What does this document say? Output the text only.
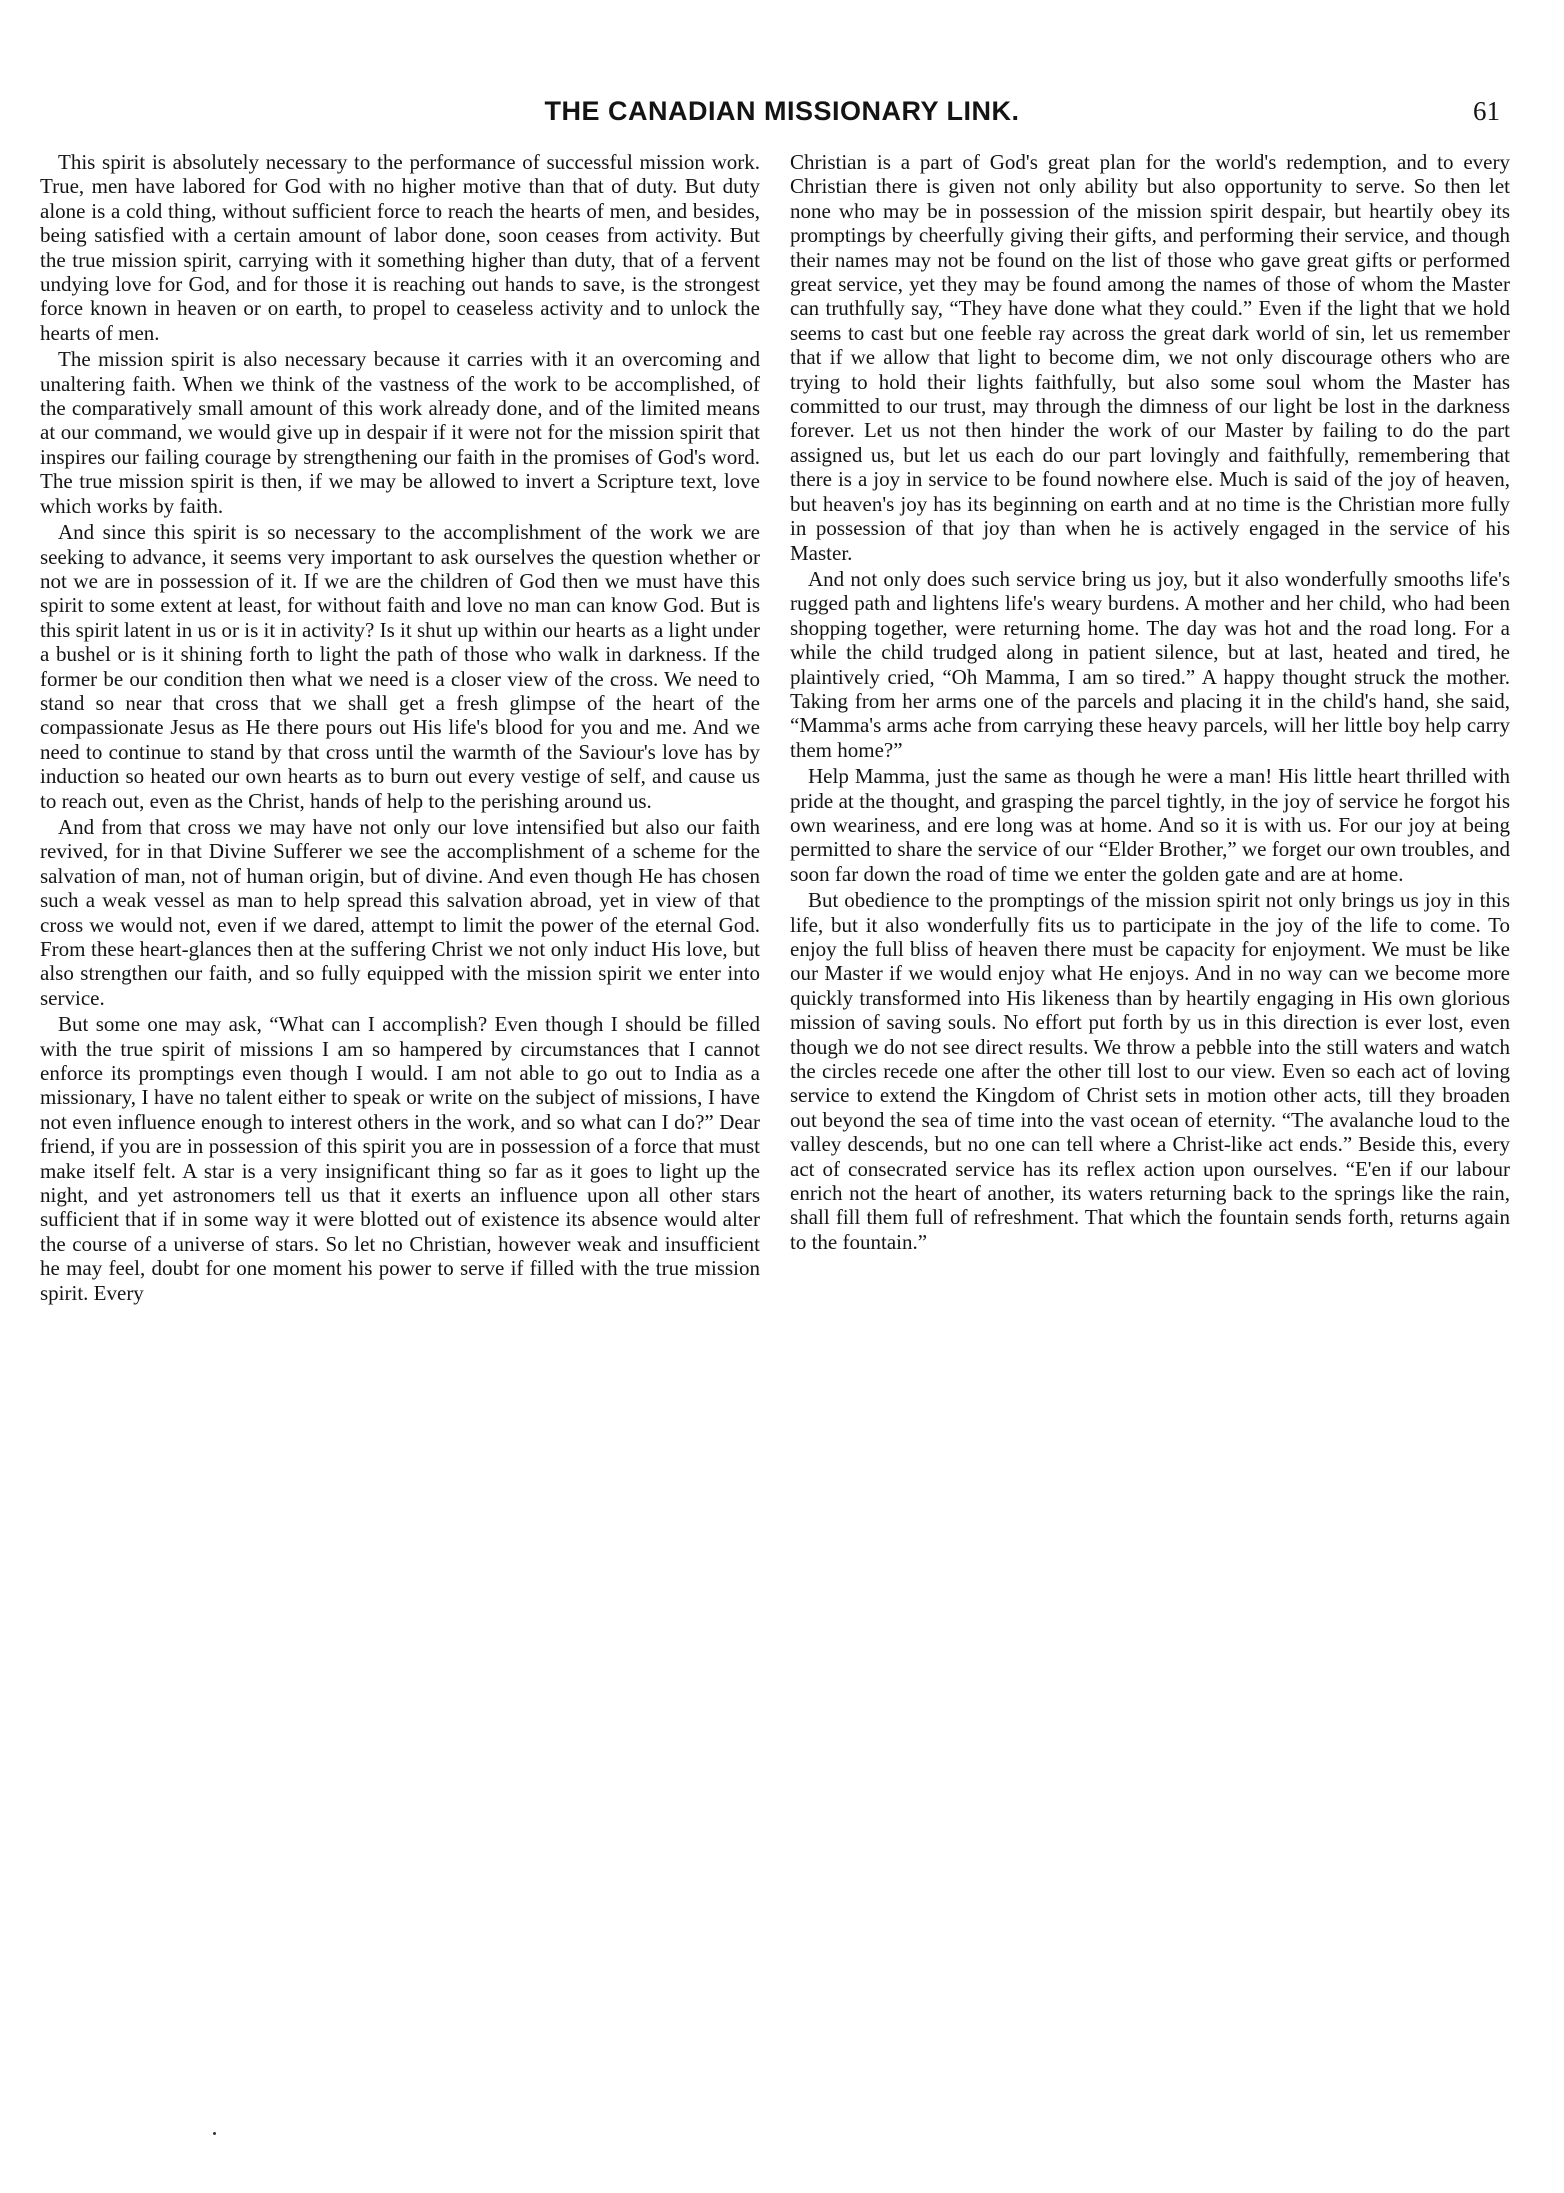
THE CANADIAN MISSIONARY LINK.	61

This spirit is absolutely necessary to the performance of successful mission work. True, men have labored for God with no higher motive than that of duty. But duty alone is a cold thing, without sufficient force to reach the hearts of men, and besides, being satisfied with a certain amount of labor done, soon ceases from activity. But the true mission spirit, carrying with it something higher than duty, that of a fervent undying love for God, and for those it is reaching out hands to save, is the strongest force known in heaven or on earth, to propel to ceaseless activity and to unlock the hearts of men.

The mission spirit is also necessary because it carries with it an overcoming and unaltering faith. When we think of the vastness of the work to be accomplished, of the comparatively small amount of this work already done, and of the limited means at our command, we would give up in despair if it were not for the mission spirit that inspires our failing courage by strengthening our faith in the promises of God's word. The true mission spirit is then, if we may be allowed to invert a Scripture text, love which works by faith.

And since this spirit is so necessary to the accomplishment of the work we are seeking to advance, it seems very important to ask ourselves the question whether or not we are in possession of it. If we are the children of God then we must have this spirit to some extent at least, for without faith and love no man can know God. But is this spirit latent in us or is it in activity? Is it shut up within our hearts as a light under a bushel or is it shining forth to light the path of those who walk in darkness. If the former be our condition then what we need is a closer view of the cross. We need to stand so near that cross that we shall get a fresh glimpse of the heart of the compassionate Jesus as He there pours out His life's blood for you and me. And we need to continue to stand by that cross until the warmth of the Saviour's love has by induction so heated our own hearts as to burn out every vestige of self, and cause us to reach out, even as the Christ, hands of help to the perishing around us.

And from that cross we may have not only our love intensified but also our faith revived, for in that Divine Sufferer we see the accomplishment of a scheme for the salvation of man, not of human origin, but of divine. And even though He has chosen such a weak vessel as man to help spread this salvation abroad, yet in view of that cross we would not, even if we dared, attempt to limit the power of the eternal God. From these heart-glances then at the suffering Christ we not only induct His love, but also strengthen our faith, and so fully equipped with the mission spirit we enter into service.

But some one may ask, “What can I accomplish? Even though I should be filled with the true spirit of missions I am so hampered by circumstances that I cannot enforce its promptings even though I would. I am not able to go out to India as a missionary, I have no talent either to speak or write on the subject of missions, I have not even influence enough to interest others in the work, and so what can I do?” Dear friend, if you are in possession of this spirit you are in possession of a force that must make itself felt. A star is a very insignificant thing so far as it goes to light up the night, and yet astronomers tell us that it exerts an influence upon all other stars sufficient that if in some way it were blotted out of existence its absence would alter the course of a universe of stars. So let no Christian, however weak and insufficient he may feel, doubt for one moment his power to serve if filled with the true mission spirit. Every

Christian is a part of God's great plan for the world's redemption, and to every Christian there is given not only ability but also opportunity to serve. So then let none who may be in possession of the mission spirit despair, but heartily obey its promptings by cheerfully giving their gifts, and performing their service, and though their names may not be found on the list of those who gave great gifts or performed great service, yet they may be found among the names of those of whom the Master can truthfully say, “They have done what they could.” Even if the light that we hold seems to cast but one feeble ray across the great dark world of sin, let us remember that if we allow that light to become dim, we not only discourage others who are trying to hold their lights faithfully, but also some soul whom the Master has committed to our trust, may through the dimness of our light be lost in the darkness forever. Let us not then hinder the work of our Master by failing to do the part assigned us, but let us each do our part lovingly and faithfully, remembering that there is a joy in service to be found nowhere else. Much is said of the joy of heaven, but heaven's joy has its beginning on earth and at no time is the Christian more fully in possession of that joy than when he is actively engaged in the service of his Master.

And not only does such service bring us joy, but it also wonderfully smooths life's rugged path and lightens life's weary burdens. A mother and her child, who had been shopping together, were returning home. The day was hot and the road long. For a while the child trudged along in patient silence, but at last, heated and tired, he plaintively cried, “Oh Mamma, I am so tired.” A happy thought struck the mother. Taking from her arms one of the parcels and placing it in the child's hand, she said, “Mamma's arms ache from carrying these heavy parcels, will her little boy help carry them home?”

Help Mamma, just the same as though he were a man! His little heart thrilled with pride at the thought, and grasping the parcel tightly, in the joy of service he forgot his own weariness, and ere long was at home. And so it is with us. For our joy at being permitted to share the service of our “Elder Brother,” we forget our own troubles, and soon far down the road of time we enter the golden gate and are at home.

But obedience to the promptings of the mission spirit not only brings us joy in this life, but it also wonderfully fits us to participate in the joy of the life to come. To enjoy the full bliss of heaven there must be capacity for enjoyment. We must be like our Master if we would enjoy what He enjoys. And in no way can we become more quickly transformed into His likeness than by heartily engaging in His own glorious mission of saving souls. No effort put forth by us in this direction is ever lost, even though we do not see direct results. We throw a pebble into the still waters and watch the circles recede one after the other till lost to our view. Even so each act of loving service to extend the Kingdom of Christ sets in motion other acts, till they broaden out beyond the sea of time into the vast ocean of eternity. “The avalanche loud to the valley descends, but no one can tell where a Christ-like act ends.” Beside this, every act of consecrated service has its reflex action upon ourselves. “E'en if our labour enrich not the heart of another, its waters returning back to the springs like the rain, shall fill them full of refreshment. That which the fountain sends forth, returns again to the fountain.”
